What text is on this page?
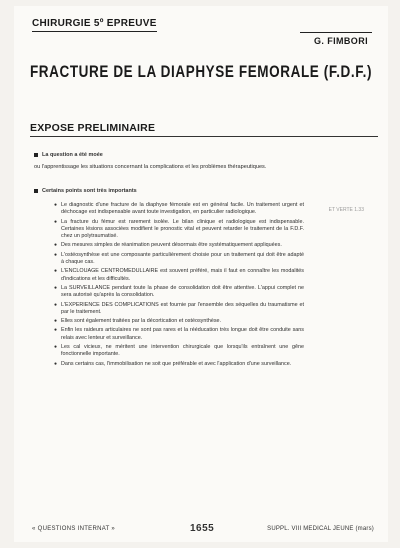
CHIRURGIE 5º EPREUVE
G. FIMBORI
FRACTURE DE LA DIAPHYSE FEMORALE (F.D.F.)
EXPOSE PRELIMINAIRE
La question a été moée
ou l'apprentissage les situations concernant la complications et les problèmes thérapeutiques.
Certains points sont très importants
● Le diagnostic d'une fracture de la diaphyse fémorale est en général facile. Un traitement urgent et déchocage est indispensable avant toute investigation, en particulier radiologique.
● La fracture du fémur est rarement isolée. Le bilan clinique et radiologique est indispensable. Certaines lésions associées modifient le pronostic vital et peuvent retarder le traitement de la F.D.F. chez un polytraumatisé.
● Des mesures simples de réanimation peuvent désormais être systématiquement appliquées.
● L'ostéosynthèse est une composante particulièrement choisie pour un traitement qui doit être adapté à chaque cas.
● L'ENCLOUAGE CENTROMEDULLAIRE est souvent préféré, mais il faut en connaître les modalités d'indications et les difficultés.
● La SURVEILLANCE pendant toute la phase de consolidation doit être attentive. L'appui complet ne sera autorisé qu'après la consolidation.
● L'EXPERIENCE DES COMPLICATIONS est fournie par l'ensemble des séquelles du traumatisme et par le traitement.
● Elles sont également traitées par la décortication et ostéosynthèse.
● Enfin les raideurs articulaires ne sont pas rares et la rééducation très longue doit être conduite sans relais avec lenteur et surveillance.
● Les cal vicieux, ne méritent une intervention chirurgicale que lorsqu'ils entraînent une gêne fonctionnelle importante.
● Dans certains cas, l'immobilisation ne soit que préférable et avec l'application d'une surveillance.
ET VERTE 1.33
« QUESTIONS INTERNAT »	1655	SUPPL. VIII MEDICAL JEUNE (mars)
